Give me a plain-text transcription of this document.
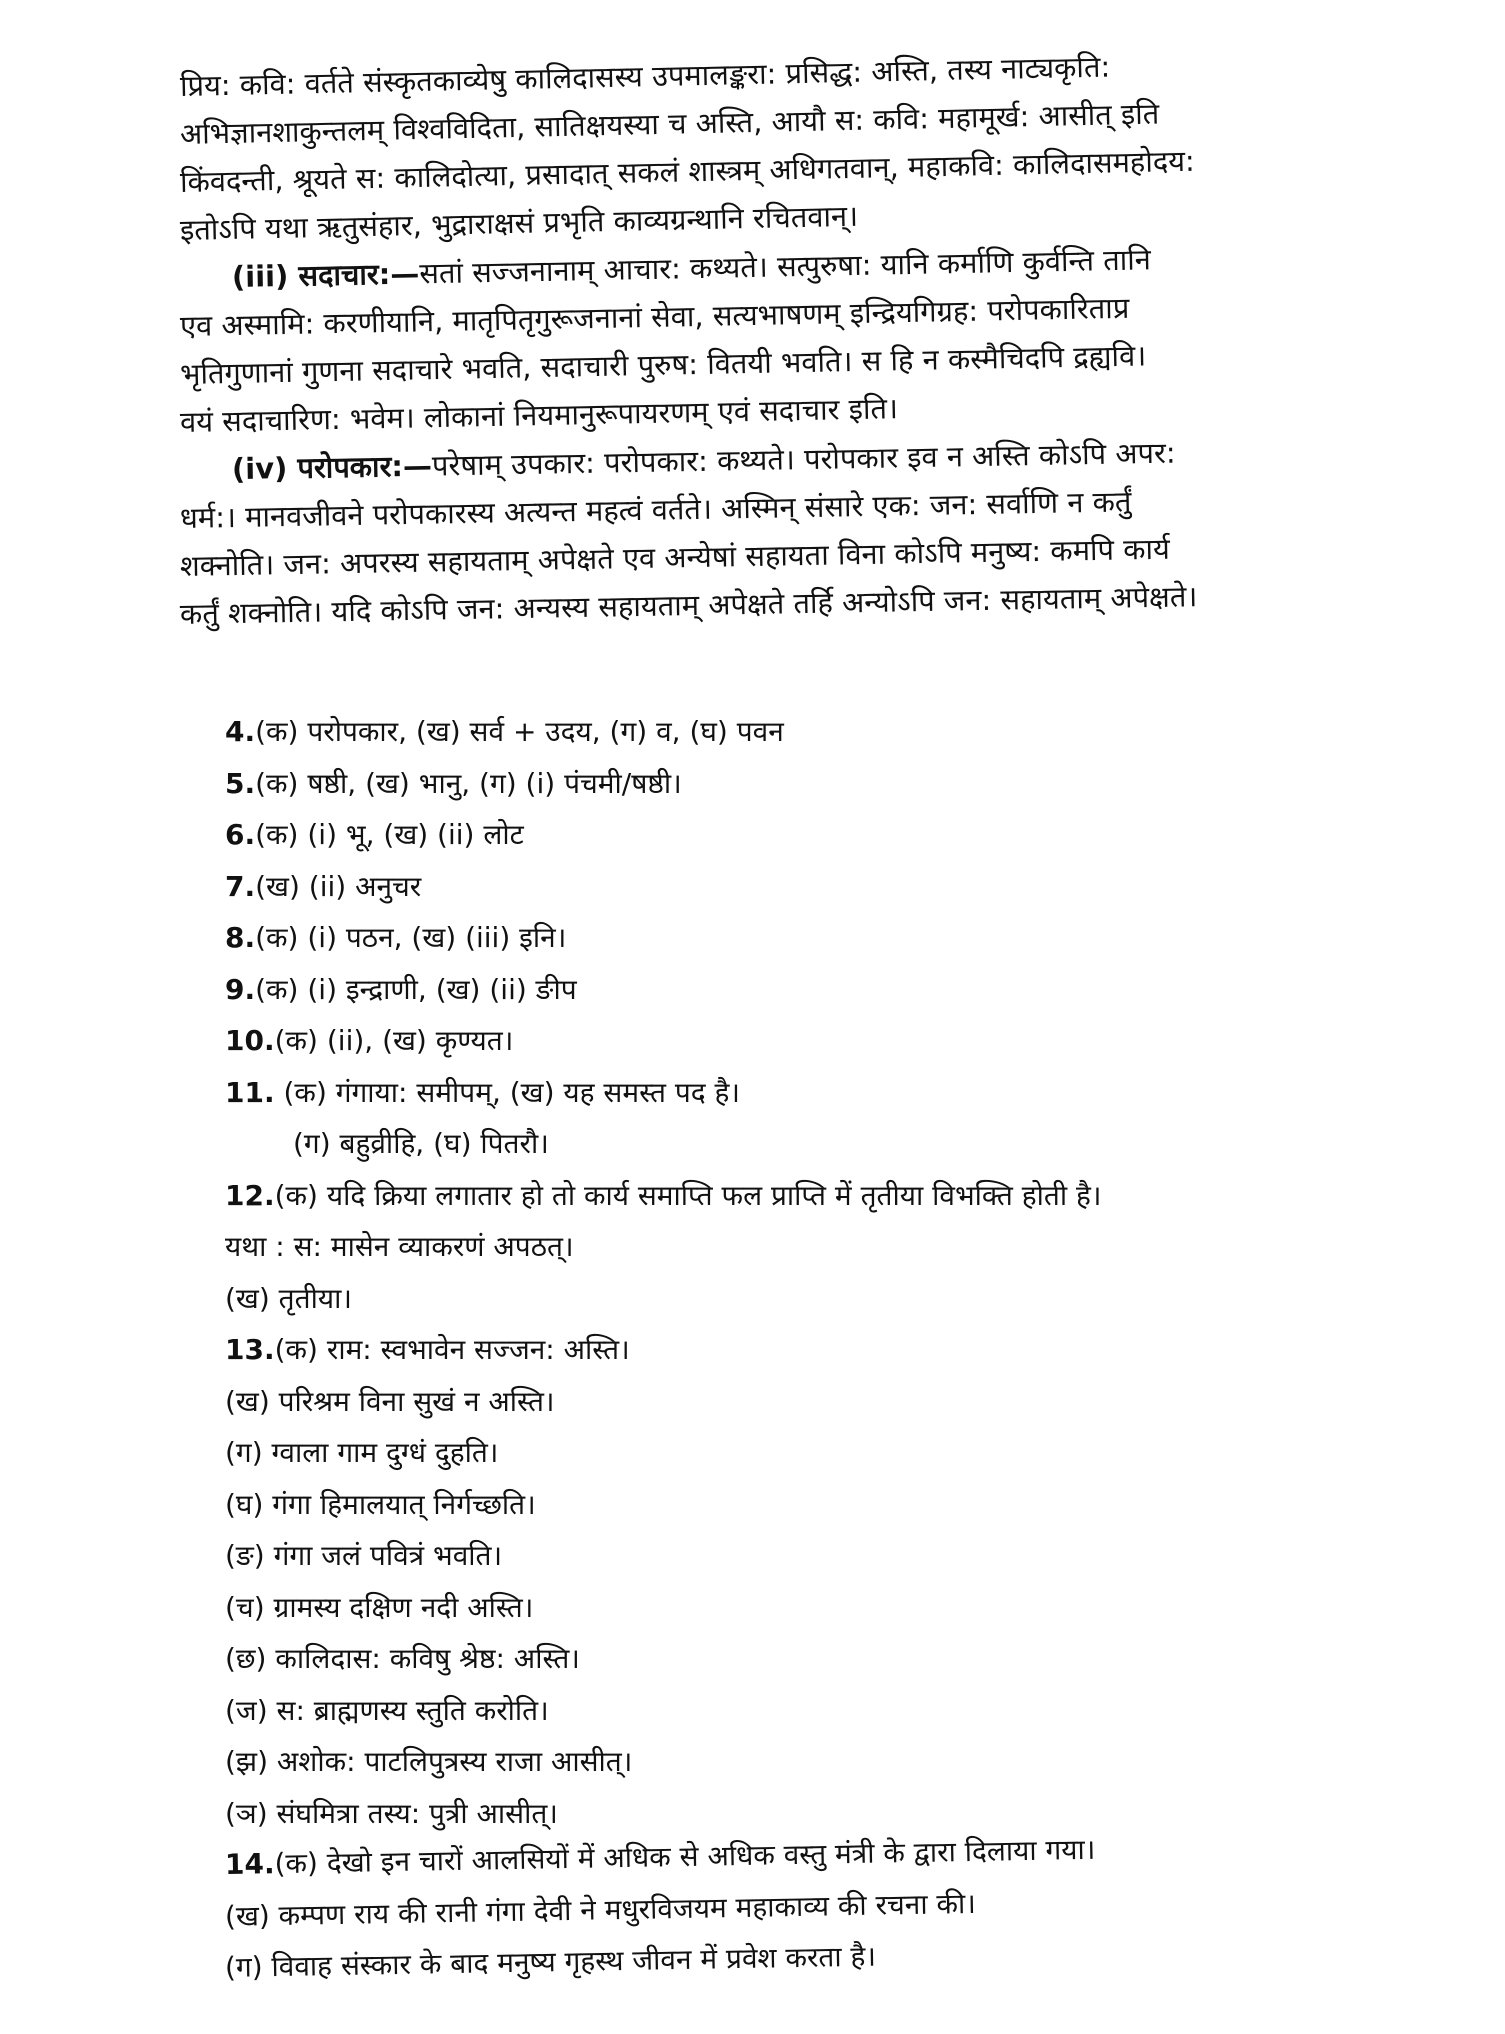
प्रिय: कवि: वर्तते संस्कृतकाव्येषु कालिदासस्य उपमालङ्करा: प्रसिद्ध: अस्ति, तस्य नाट्यकृति:
अभिज्ञानशाकुन्तलम् विश्वविदिता, सातिक्षयस्या च अस्ति, आयौ स: कवि: महामूर्ख: आसीत् इति
किंवदन्ती, श्रूयते स: कालिदोत्या, प्रसादात् सकलं शास्त्रम् अधिगतवान्, महाकवि: कालिदासमहोदय:
इतोऽपि यथा ऋतुसंहार, भुद्राराक्षसं प्रभृति काव्यग्रन्थानि रचितवान्।
(iii) सदाचार:—सतां सज्जनानाम् आचार: कथ्यते। सत्पुरुषा: यानि कर्माणि कुर्वन्ति तानि
एव अस्मामि: करणीयानि, मातृपितृगुरूजनानां सेवा, सत्यभाषणम् इन्द्रियगिग्रह: परोपकारिताप्र
भृतिगुणानां गुणना सदाचारे भवति, सदाचारी पुरुष: वितयी भवति। स हि न कस्मैचिदपि द्रह्यवि।
वयं सदाचारिण: भवेम। लोकानां नियमानुरूपायरणम् एवं सदाचार इति।
(iv) परोपकार:—परेषाम् उपकार: परोपकार: कथ्यते। परोपकार इव न अस्ति कोऽपि अपर:
धर्म:। मानवजीवने परोपकारस्य अत्यन्त महत्वं वर्तते। अस्मिन् संसारे एक: जन: सर्वाणि न कर्तुं
शक्नोति। जन: अपरस्य सहायताम् अपेक्षते एव अन्येषां सहायता विना कोऽपि मनुष्य: कमपि कार्य
कर्तुं शक्नोति। यदि कोऽपि जन: अन्यस्य सहायताम् अपेक्षते तर्हि अन्योऽपि जन: सहायताम् अपेक्षते।
4.(क) परोपकार, (ख) सर्व + उदय, (ग) व, (घ) पवन
5.(क) षष्ठी, (ख) भानु, (ग) (i) पंचमी/षष्ठी।
6.(क) (i) भू, (ख) (ii) लोट
7.(ख) (ii) अनुचर
8.(क) (i) पठन, (ख) (iii) इनि।
9.(क) (i) इन्द्राणी, (ख) (ii) ङीप
10.(क) (ii), (ख) कृण्यत।
11. (क) गंगाया: समीपम्, (ख) यह समस्त पद है।
(ग) बहुव्रीहि, (घ) पितरौ।
12.(क) यदि क्रिया लगातार हो तो कार्य समाप्ति फल प्राप्ति में तृतीया विभक्ति होती है।
यथा : स: मासेन व्याकरणं अपठत्।
(ख) तृतीया।
13.(क) राम: स्वभावेन सज्जन: अस्ति।
(ख) परिश्रम विना सुखं न अस्ति।
(ग) ग्वाला गाम दुग्धं दुहति।
(घ) गंगा हिमालयात् निर्गच्छति।
(ङ) गंगा जलं पवित्रं भवति।
(च) ग्रामस्य दक्षिण नदी अस्ति।
(छ) कालिदास: कविषु श्रेष्ठ: अस्ति।
(ज) स: ब्राह्मणस्य स्तुति करोति।
(झ) अशोक: पाटलिपुत्रस्य राजा आसीत्।
(ञ) संघमित्रा तस्य: पुत्री आसीत्।
14.(क) देखो इन चारों आलसियों में अधिक से अधिक वस्तु मंत्री के द्वारा दिलाया गया।
(ख) कम्पण राय की रानी गंगा देवी ने मधुरविजयम महाकाव्य की रचना की।
(ग) विवाह संस्कार के बाद मनुष्य गृहस्थ जीवन में प्रवेश करता है।
